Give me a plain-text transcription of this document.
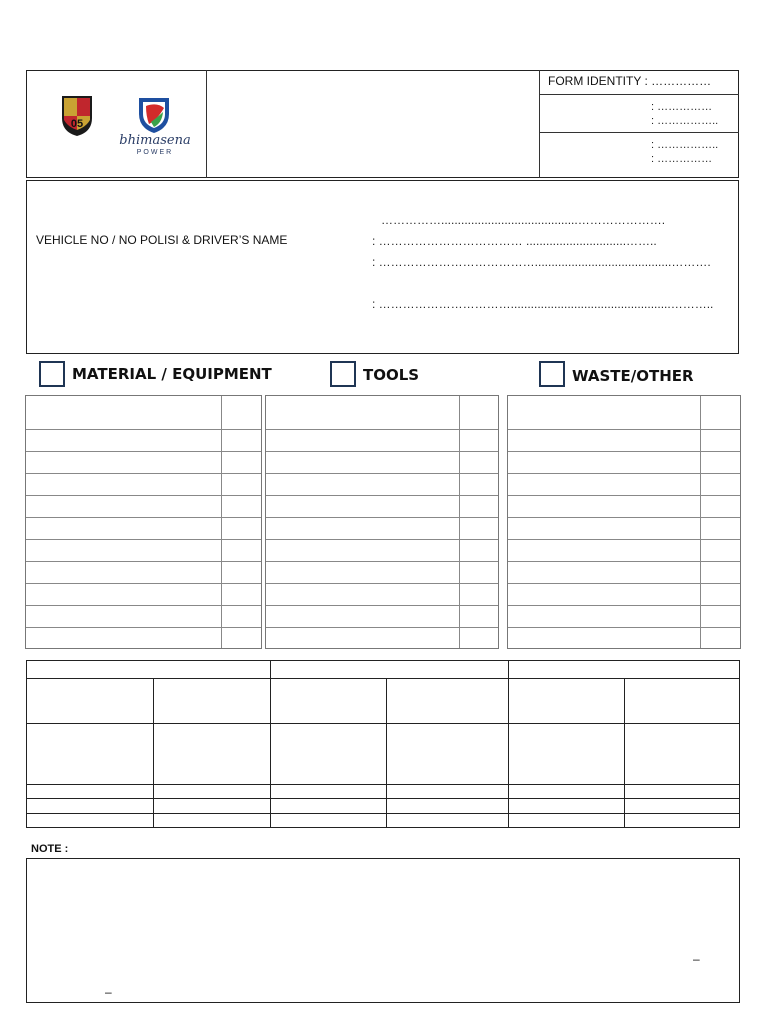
05
bhimasena
POWER
FORM IDENTITY : ……………
: ……………
: ……………..
: ……………..
: ……………
VEHICLE NO / NO POLISI & DRIVER’S NAME
…………….........................................………………….
: ……………………………… ..............................……..
: ………………………………….........................................……….
: ……………………………................................................………..
MATERIAL / EQUIPMENT	TOOLS	WASTE/OTHER
NOTE :
–
–
